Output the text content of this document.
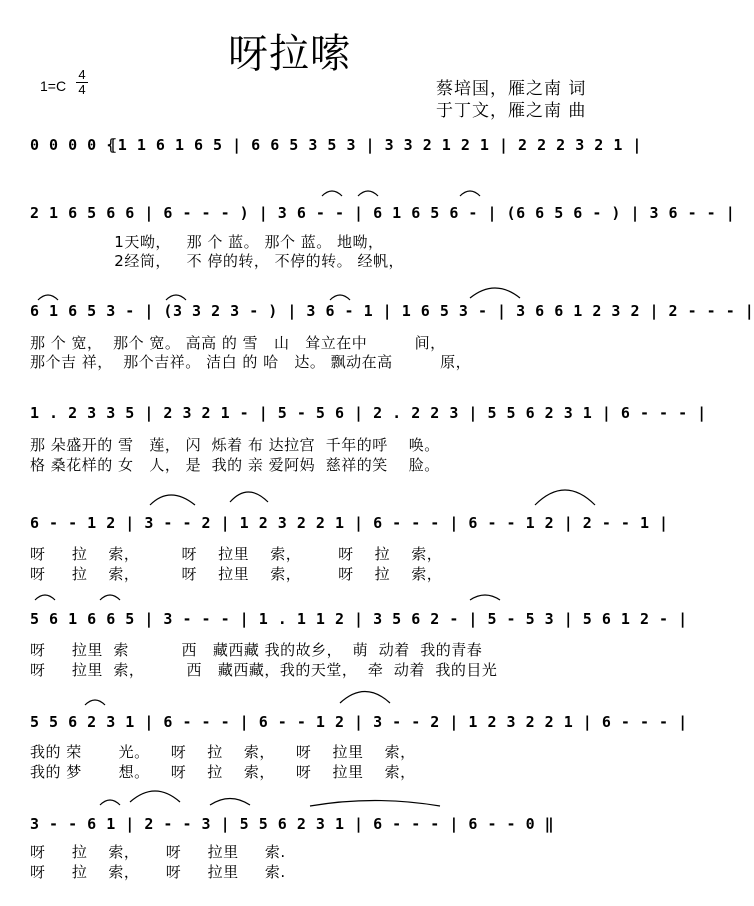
呀拉嗦
$1=C \frac{4}{4}$	蔡培国，雁之南 词
于丁文，雁之南 曲
0 0 0 0 ⦃1 1 6 1 6 5 | 6 6 5 3 5 3 | 3 3 2 1 2 1 | 2 2 2 3 2 1 |
2 1 6 5 6 6 | 6 - - - ) | 3 6 - - | 6 1 6 5 6 - | (6 6 5 6 - ) | 3 6 - - |
1天呦，   那 个 蓝。 那个 蓝。 地呦，
2经筒，   不 停的转， 不停的转。 经帆，
6 1 6 5 3 - | (3 3 2 3 - ) | 3 6 - 1 | 1 6 5 3 - | 3 6 6 1 2 3 2 | 2 - - - |
那 个 宽，  那个 宽。 高高 的 雪   山   耸立在中         间，
那个吉 祥，  那个吉祥。 洁白 的 哈   达。 飘动在高         原，
1 . 2 3 3 5 | 2 3 2 1 - | 5 - 5 6 | 2 . 2 2 3 | 5 5 6 2 3 1 | 6 - - - |
那 朵盛开的 雪   莲， 闪  烁着 布 达拉宫  千年的呼    唤。
格 桑花样的 女   人， 是  我的 亲 爱阿妈  慈祥的笑    脸。
6 - - 1 2 | 3 - - 2 | 1 2 3 2 2 1 | 6 - - - | 6 - - 1 2 | 2 - - 1 |
呀     拉    索，        呀    拉里    索，       呀    拉    索，
呀     拉    索，        呀    拉里    索，       呀    拉    索，
5 6 1 6 6 5 | 3 - - - | 1 . 1 1 2 | 3 5 6 2 - | 5 - 5 3 | 5 6 1 2 - |
呀     拉里  索          西   藏西藏 我的故乡，  萌  动着  我的青春
呀     拉里  索，        西   藏西藏，我的天堂，  牵  动着  我的目光
5 5 6 2 3 1 | 6 - - - | 6 - - 1 2 | 3 - - 2 | 1 2 3 2 2 1 | 6 - - - |
我的 荣       光。    呀    拉    索，    呀    拉里    索，
我的 梦       想。    呀    拉    索，    呀    拉里    索，
3 - - 6 1 | 2 - - 3 | 5 5 6 2 3 1 | 6 - - - | 6 - - 0 ‖
呀     拉    索，     呀     拉里     索.
呀     拉    索，     呀     拉里     索.
